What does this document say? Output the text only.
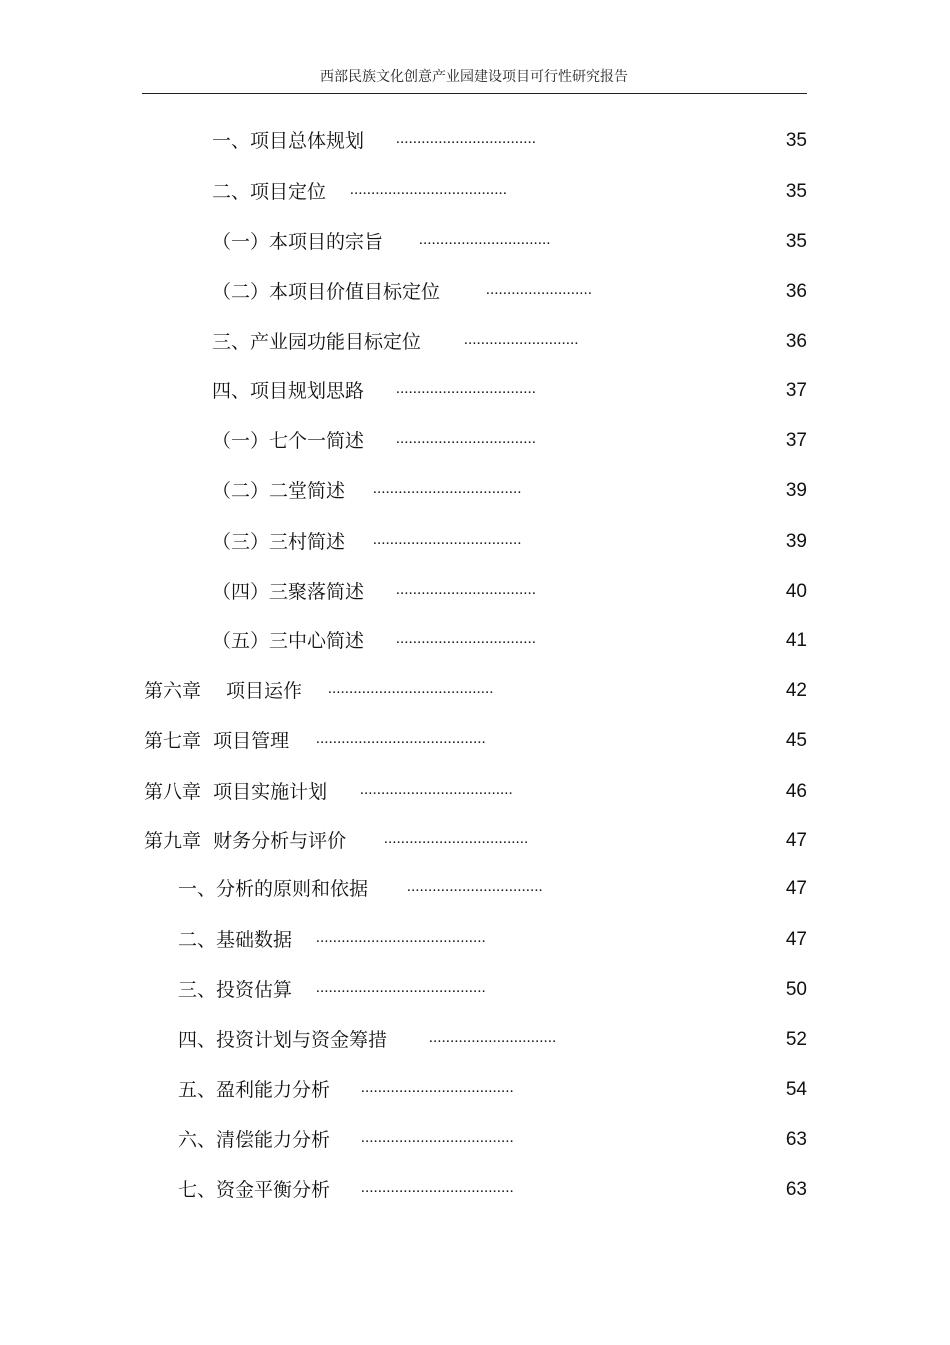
西部民族文化创意产业园建设项目可行性研究报告
一、项目总体规划 .................................	35
二、项目定位 .....................................	35
（一）本项目的宗旨 ...............................	35
（二）本项目价值目标定位	.........................	36
三、产业园功能目标定位	...........................	36
四、项目规划思路 .................................	37
（一）七个一简述 .................................	37
（二）二堂简述 ...................................	39
（三）三村简述 ...................................	39
（四）三聚落简述 .................................	40
（五）三中心简述 .................................	41
第六章　 项目运作 .......................................	42
第七章  项目管理 ........................................	45
第八章  项目实施计划 ....................................	46
第九章  财务分析与评价	..................................	47
一、分析的原则和依据	................................	47
二、基础数据 ........................................	47
三、投资估算 ........................................	50
四、投资计划与资金筹措	..............................	52
五、盈利能力分析 ....................................	54
六、清偿能力分析 ....................................	63
七、资金平衡分析 ....................................	63
